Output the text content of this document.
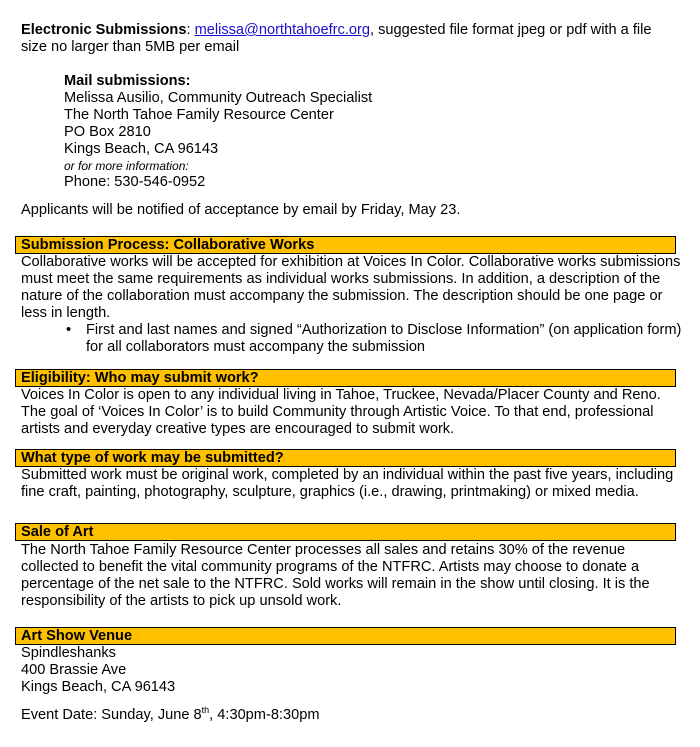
Electronic Submissions: melissa@northtahoefrc.org, suggested file format jpeg or pdf with a file size no larger than 5MB per email

Mail submissions:

Melissa Ausilio, Community Outreach Specialist

The North Tahoe Family Resource Center

PO Box 2810

Kings Beach, CA 96143

or for more information:

Phone: 530-546-0952

Applicants will be notified of acceptance by email by Friday, May 23.

Submission Process: Collaborative Works

Collaborative works will be accepted for exhibition at Voices In Color. Collaborative works submissions must meet the same requirements as individual works submissions. In addition, a description of the nature of the collaboration must accompany the submission. The description should be one page or less in length.

• First and last names and signed “Authorization to Disclose Information” (on application form) for all collaborators must accompany the submission
Eligibility: Who may submit work?

Voices In Color is open to any individual living in Tahoe, Truckee, Nevada/Placer County and Reno. The goal of ‘Voices In Color’ is to build Community through Artistic Voice. To that end, professional artists and everyday creative types are encouraged to submit work.

What type of work may be submitted?

Submitted work must be original work, completed by an individual within the past five years, including fine craft, painting, photography, sculpture, graphics (i.e., drawing, printmaking) or mixed media.

Sale of Art

The North Tahoe Family Resource Center processes all sales and retains 30% of the revenue collected to benefit the vital community programs of the NTFRC. Artists may choose to donate a percentage of the net sale to the NTFRC. Sold works will remain in the show until closing. It is the responsibility of the artists to pick up unsold work.

Art Show Venue

Spindleshanks

400 Brassie Ave

Kings Beach, CA 96143

Event Date: Sunday, June 8th, 4:30pm-8:30pm
